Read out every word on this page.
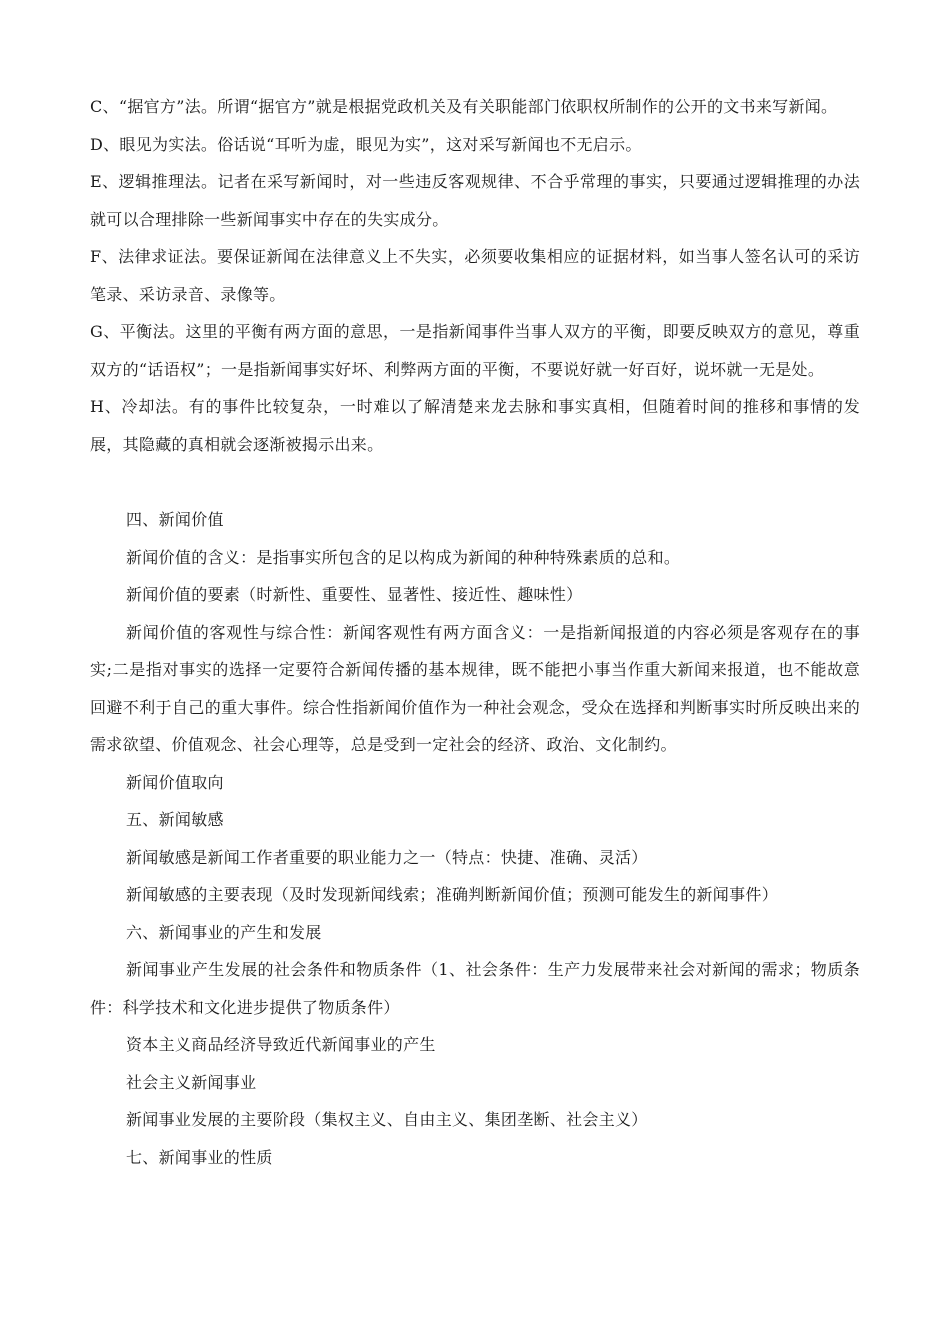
C、“据官方”法。所谓“据官方”就是根据党政机关及有关职能部门依职权所制作的公开的文书来写新闻。

D、眼见为实法。俗话说“耳听为虚，眼见为实”，这对采写新闻也不无启示。

E、逻辑推理法。记者在采写新闻时，对一些违反客观规律、不合乎常理的事实，只要通过逻辑推理的办法就可以合理排除一些新闻事实中存在的失实成分。

F、法律求证法。要保证新闻在法律意义上不失实，必须要收集相应的证据材料，如当事人签名认可的采访笔录、采访录音、录像等。

G、平衡法。这里的平衡有两方面的意思，一是指新闻事件当事人双方的平衡，即要反映双方的意见，尊重双方的“话语权”；一是指新闻事实好坏、利弊两方面的平衡，不要说好就一好百好，说坏就一无是处。

H、冷却法。有的事件比较复杂，一时难以了解清楚来龙去脉和事实真相，但随着时间的推移和事情的发展，其隐藏的真相就会逐渐被揭示出来。

四、新闻价值

新闻价值的含义：是指事实所包含的足以构成为新闻的种种特殊素质的总和。

新闻价值的要素（时新性、重要性、显著性、接近性、趣味性）

新闻价值的客观性与综合性：新闻客观性有两方面含义：一是指新闻报道的内容必须是客观存在的事实;二是指对事实的选择一定要符合新闻传播的基本规律，既不能把小事当作重大新闻来报道，也不能故意回避不利于自己的重大事件。综合性指新闻价值作为一种社会观念，受众在选择和判断事实时所反映出来的需求欲望、价值观念、社会心理等，总是受到一定社会的经济、政治、文化制约。

新闻价值取向

五、新闻敏感

新闻敏感是新闻工作者重要的职业能力之一（特点：快捷、准确、灵活）

新闻敏感的主要表现（及时发现新闻线索；准确判断新闻价值；预测可能发生的新闻事件）

六、新闻事业的产生和发展

新闻事业产生发展的社会条件和物质条件（1、社会条件：生产力发展带来社会对新闻的需求；物质条件：科学技术和文化进步提供了物质条件）

资本主义商品经济导致近代新闻事业的产生

社会主义新闻事业

新闻事业发展的主要阶段（集权主义、自由主义、集团垄断、社会主义）

七、新闻事业的性质
